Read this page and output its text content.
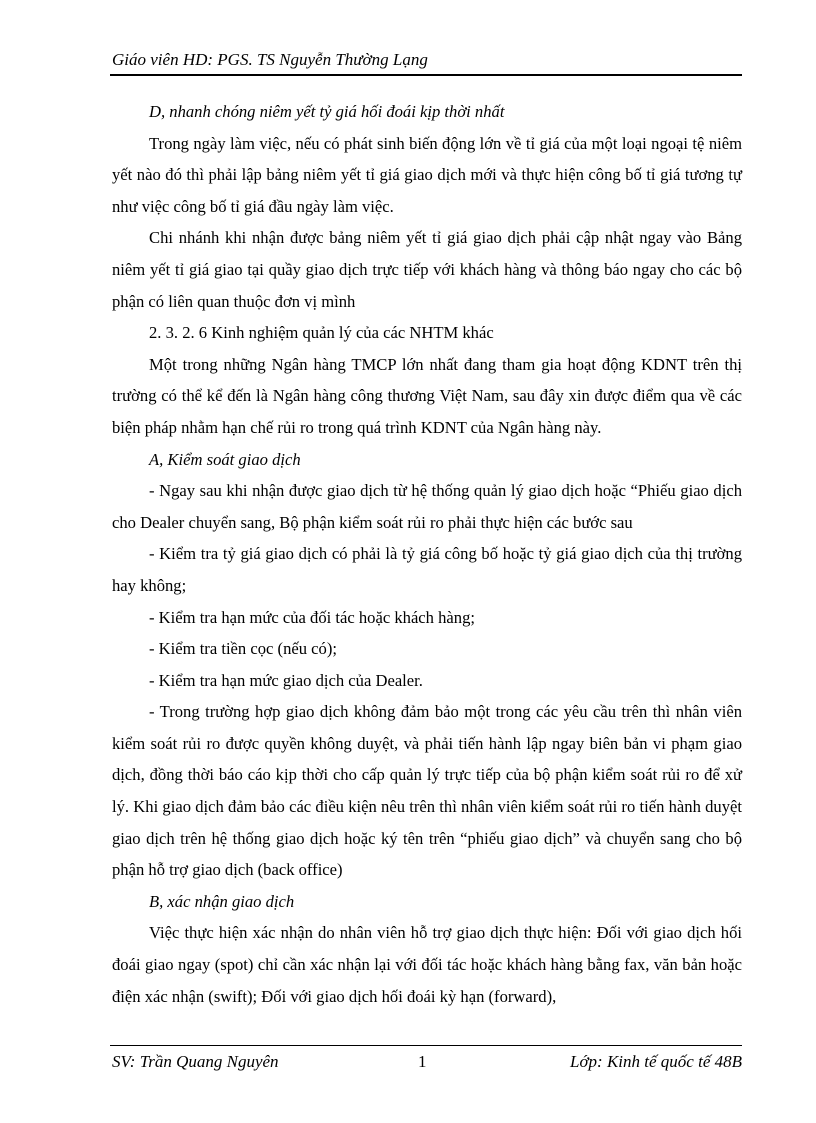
Giáo viên HD: PGS. TS Nguyễn Thường Lạng

D, nhanh chóng niêm yết tỷ giá hối đoái kịp thời nhất

Trong ngày làm việc, nếu có phát sinh biến động lớn về tỉ giá của một loại ngoại tệ niêm yết nào đó thì phải lập bảng niêm yết tỉ giá giao dịch mới và thực hiện công bố tỉ giá tương tự như việc công bố tỉ giá đầu ngày làm việc.

Chi nhánh khi nhận được bảng niêm yết tỉ giá giao dịch phải cập nhật ngay vào Bảng niêm yết tỉ giá giao tại quầy giao dịch trực tiếp với khách hàng và thông báo ngay cho các bộ phận có liên quan thuộc đơn vị mình

2. 3. 2. 6 Kinh nghiệm quản lý của các NHTM khác

Một trong những Ngân hàng TMCP lớn nhất đang tham gia hoạt động KDNT trên thị trường có thể kể đến là Ngân hàng công thương Việt Nam, sau đây xin được điểm qua về các biện pháp nhằm hạn chế rủi ro trong quá trình KDNT của Ngân hàng này.

A, Kiểm soát giao dịch

- Ngay sau khi nhận được giao dịch từ hệ thống quản lý giao dịch hoặc “Phiếu giao dịch cho Dealer chuyển sang, Bộ phận kiểm soát rủi ro phải thực hiện các bước sau

- Kiểm tra tỷ giá giao dịch có phải là tỷ giá công bố hoặc tỷ giá giao dịch của thị trường hay không;

- Kiểm tra hạn mức của đối tác hoặc khách hàng;

- Kiểm tra tiền cọc (nếu có);

- Kiểm tra hạn mức giao dịch của Dealer.

- Trong trường hợp giao dịch không đảm bảo một trong các yêu cầu trên thì nhân viên kiểm soát rủi ro được quyền không duyệt, và phải tiến hành lập ngay biên bản vi phạm giao dịch, đồng thời báo cáo kịp thời cho cấp quản lý trực tiếp của bộ phận kiểm soát rủi ro để xử lý. Khi giao dịch đảm bảo các điều kiện nêu trên thì nhân viên kiểm soát rủi ro tiến hành duyệt giao dịch trên hệ thống giao dịch hoặc ký tên trên “phiếu giao dịch” và chuyển sang cho bộ phận hỗ trợ giao dịch (back office)

B, xác nhận giao dịch

Việc thực hiện xác nhận do nhân viên hỗ trợ giao dịch thực hiện: Đối với giao dịch hối đoái giao ngay (spot) chỉ cần xác nhận lại với đối tác hoặc khách hàng bằng fax, văn bản hoặc điện xác nhận (swift); Đối với giao dịch hối đoái kỳ hạn (forward),

SV: Trần Quang Nguyên	1	Lớp: Kinh tế quốc tế 48B
